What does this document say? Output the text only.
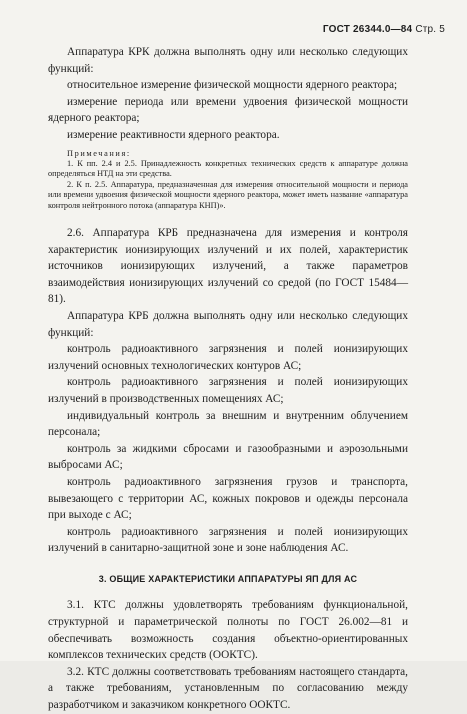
ГОСТ 26344.0—84 Стр. 5

Аппаратура КРК должна выполнять одну или несколько следующих функций:

относительное измерение физической мощности ядерного реактора;

измерение периода или времени удвоения физической мощности ядерного реактора;

измерение реактивности ядерного реактора.

Примечания:

1. К пп. 2.4 и 2.5. Принадлежность конкретных технических средств к аппаратуре должна определяться НТД на эти средства.

2. К п. 2.5. Аппаратура, предназначенная для измерения относительной мощности и периода или времени удвоения физической мощности ядерного реактора, может иметь название «аппаратура контроля нейтронного потока (аппаратура КНП)».

2.6. Аппаратура КРБ предназначена для измерения и контроля характеристик ионизирующих излучений и их полей, характеристик источников ионизирующих излучений, а также параметров взаимодействия ионизирующих излучений со средой (по ГОСТ 15484—81).

Аппаратура КРБ должна выполнять одну или несколько следующих функций:

контроль радиоактивного загрязнения и полей ионизирующих излучений основных технологических контуров АС;

контроль радиоактивного загрязнения и полей ионизирующих излучений в производственных помещениях АС;

индивидуальный контроль за внешним и внутренним облучением персонала;

контроль за жидкими сбросами и газообразными и аэрозольными выбросами АС;

контроль радиоактивного загрязнения грузов и транспорта, вывезающего с территории АС, кожных покровов и одежды персонала при выходе с АС;

контроль радиоактивного загрязнения и полей ионизирующих излучений в санитарно-защитной зоне и зоне наблюдения АС.

3. ОБЩИЕ ХАРАКТЕРИСТИКИ АППАРАТУРЫ ЯП ДЛЯ АС

3.1. КТС должны удовлетворять требованиям функциональной, структурной и параметрической полноты по ГОСТ 26.002—81 и обеспечивать возможность создания объектно-ориентированных комплексов технических средств (ООКТС).

3.2. КТС должны соответствовать требованиям настоящего стандарта, а также требованиям, установленным по согласованию между разработчиком и заказчиком конкретного ООКТС.
